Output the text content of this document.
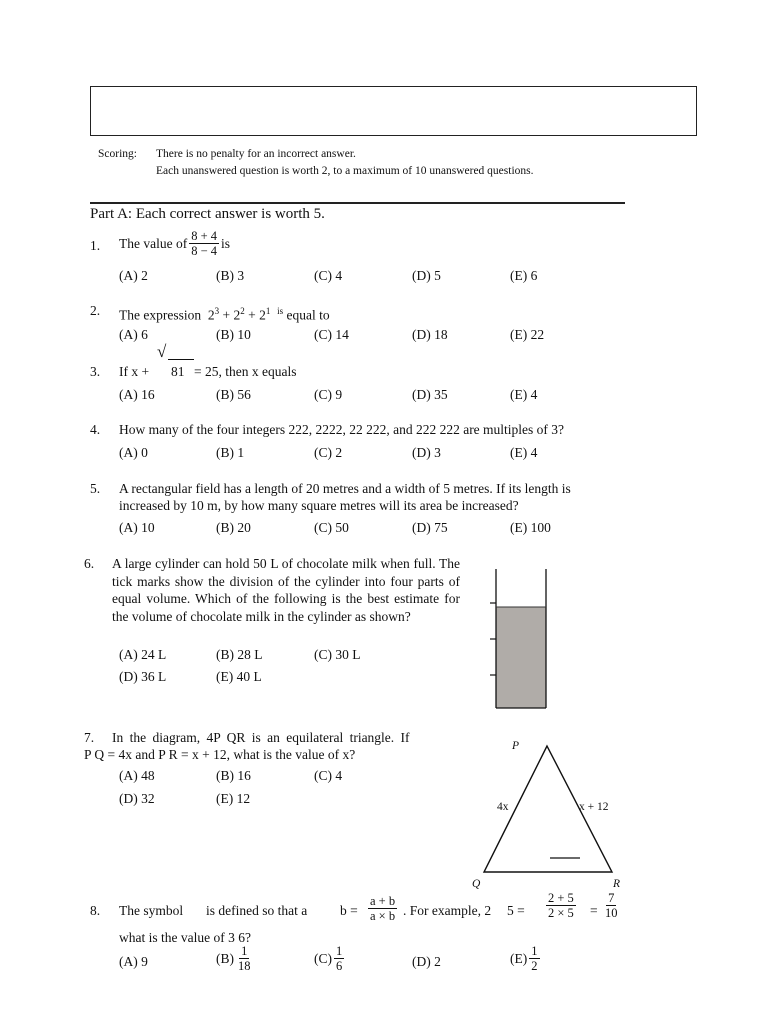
Scoring: There is no penalty for an incorrect answer.
Each unanswered question is worth 2, to a maximum of 10 unanswered questions.
Part A: Each correct answer is worth 5.
1. The value of $\frac{8 + 4}{8 - 4}$ is
(A) 2	(B) 3	(C) 4	(D) 5	(E) 6
2. The expression $2^3 + 2^2 + 2^1$ $^{is}$ equal to
(A) 6	(B) 10	(C) 14	(D) 18	(E) 22
3. If x +
√
81 = 25, then x equals
(A) 16	(B) 56	(C) 9	(D) 35	(E) 4
4. How many of the four integers 222, 2222, 22 222, and 222 222 are multiples of 3?
(A) 0	(B) 1	(C) 2	(D) 3	(E) 4
5. A rectangular field has a length of 20 metres and a width of 5 metres. If its length is
increased by 10 m, by how many square metres will its area be increased?
(A) 10	(B) 20	(C) 50	(D) 75	(E) 100
6. A large cylinder can hold 50 L of chocolate milk when full. The tick marks show the division of the cylinder into four parts of equal volume. Which of the following is the best estimate for the volume of chocolate milk in the cylinder as shown?
(A) 24 L	(B) 28 L	(C) 30 L
(D) 36 L	(E) 40 L
7. In the diagram, 4P QR is an equilateral triangle. If
P Q = 4x and P R = x + 12, what is the value of x?
(A) 48	(B) 16	(C) 4
(D) 32	(E) 12
P
Q	R
4x	x + 12
8. The symbol is defined so that a $b = \frac{a + b}{a \times b}$ . For example, 2 $5 = \frac{2 + 5}{2 \times 5} = \frac{7}{10}$
what is the value of 3 6?
(A) 9	$(B) \frac{1}{18}$	$(C) \frac{1}{6}$	(D) 2	$(E) \frac{1}{2}$
